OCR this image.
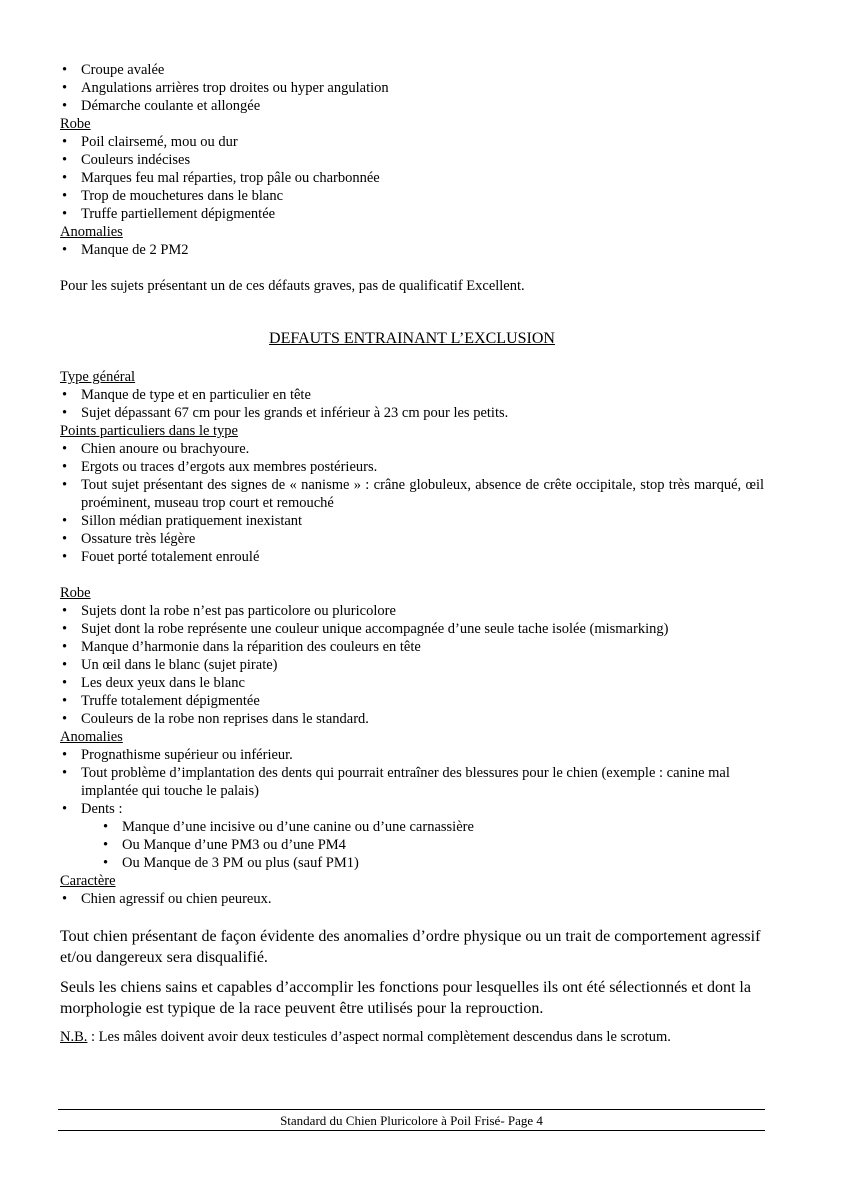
• Croupe avalée
• Angulations arrières trop droites ou hyper angulation
• Démarche coulante et allongée
Robe
• Poil clairsemé, mou ou dur
• Couleurs indécises
• Marques feu mal réparties, trop pâle ou charbonnée
• Trop de mouchetures dans le blanc
• Truffe partiellement dépigmentée
Anomalies
• Manque de 2 PM2

Pour les sujets présentant un de ces défauts graves, pas de qualificatif Excellent.

DEFAUTS ENTRAINANT L’EXCLUSION

Type général
• Manque de type et en particulier en tête
• Sujet dépassant 67 cm pour les grands et inférieur à 23 cm pour les petits.
Points particuliers dans le type
• Chien anoure ou brachyoure.
• Ergots ou traces d’ergots aux membres postérieurs.
• Tout sujet présentant des signes de « nanisme » : crâne globuleux, absence de crête occipitale, stop très marqué, œil proéminent, museau trop court et remouché
• Sillon médian pratiquement inexistant
• Ossature très légère
• Fouet porté totalement enroulé
Robe
• Sujets dont la robe n’est pas particolore ou pluricolore
• Sujet dont la robe représente une couleur unique accompagnée d’une seule tache isolée (mismarking)
• Manque d’harmonie dans la réparition des couleurs en tête
• Un œil dans le blanc (sujet pirate)
• Les deux yeux dans le blanc
• Truffe totalement dépigmentée
• Couleurs de la robe non reprises dans le standard.
Anomalies
• Prognathisme supérieur ou inférieur.
• Tout problème d’implantation des dents qui pourrait entraîner des blessures pour le chien (exemple : canine mal implantée qui touche le palais)
• Dents :
• Manque d’une incisive ou d’une canine ou d’une carnassière
• Ou Manque d’une PM3 ou d’une PM4
• Ou Manque de 3 PM ou plus (sauf PM1)
Caractère
• Chien agressif ou chien peureux.

Tout chien présentant de façon évidente des anomalies d’ordre physique ou un trait de comportement agressif et/ou dangereux sera disqualifié.

Seuls les chiens sains et capables d’accomplir les fonctions pour lesquelles ils ont été sélectionnés et dont la morphologie est typique de la race peuvent être utilisés pour la reprouction.

N.B. : Les mâles doivent avoir deux testicules d’aspect normal complètement descendus dans le scrotum.

Standard du Chien Pluricolore à Poil Frisé- Page 4
